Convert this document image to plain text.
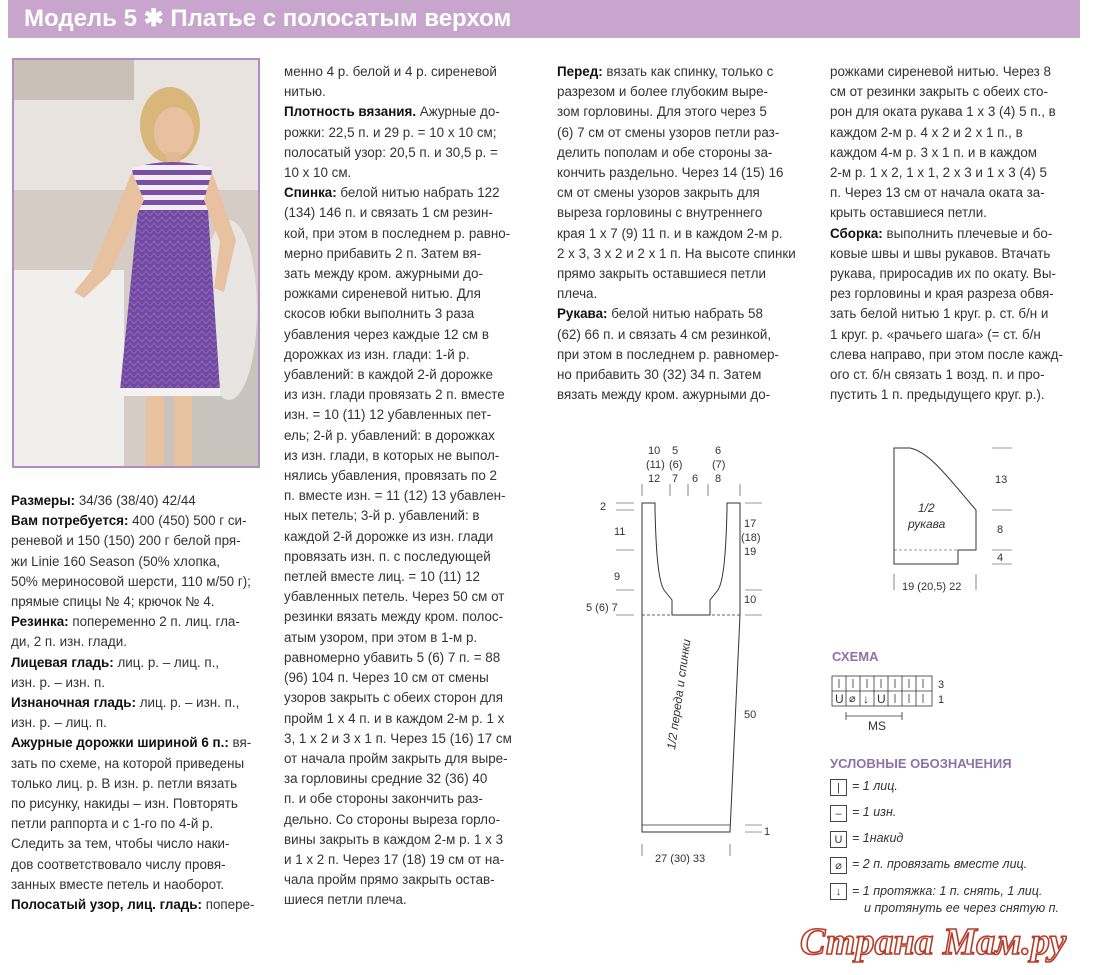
Модель 5 ✱ Платье с полосатым верхом

Размеры: 34/36 (38/40) 42/44

Вам потребуется: 400 (450) 500 г си-

реневой и 150 (150) 200 г белой пря-

жи Linie 160 Season (50% хлопка,

50% мериносовой шерсти, 110 м/50 г);

прямые спицы № 4; крючок № 4.

Резинка: попеременно 2 п. лиц. гла-

ди, 2 п. изн. глади.

Лицевая гладь: лиц. р. – лиц. п.,

изн. р. – изн. п.

Изнаночная гладь: лиц. р. – изн. п.,

изн. р. – лиц. п.

Ажурные дорожки шириной 6 п.: вя-

зать по схеме, на которой приведены

только лиц. р. В изн. р. петли вязать

по рисунку, накиды – изн. Повторять

петли раппорта и с 1-го по 4-й р.

Следить за тем, чтобы число наки-

дов соответствовало числу провя-

занных вместе петель и наоборот.

Полосатый узор, лиц. гладь: попере-

менно 4 р. белой и 4 р. сиреневой

нитью.

Плотность вязания. Ажурные до-

рожки: 22,5 п. и 29 р. = 10 х 10 см;

полосатый узор: 20,5 п. и 30,5 р. =

10 х 10 см.

Спинка: белой нитью набрать 122

(134) 146 п. и связать 1 см резин-

кой, при этом в последнем р. равно-

мерно прибавить 2 п. Затем вя-

зать между кром. ажурными до-

рожками сиреневой нитью. Для

скосов юбки выполнить 3 раза

убавления через каждые 12 см в

дорожках из изн. глади: 1-й р.

убавлений: в каждой 2-й дорожке

из изн. глади провязать 2 п. вместе

изн. = 10 (11) 12 убавленных пет-

ель; 2-й р. убавлений: в дорожках

из изн. глади, в которых не выпол-

нялись убавления, провязать по 2

п. вместе изн. = 11 (12) 13 убавлен-

ных петель; 3-й р. убавлений: в

каждой 2-й дорожке из изн. глади

провязать изн. п. с последующей

петлей вместе лиц. = 10 (11) 12

убавленных петель. Через 50 см от

резинки вязать между кром. полос-

атым узором, при этом в 1-м р.

равномерно убавить 5 (6) 7 п. = 88

(96) 104 п. Через 10 см от смены

узоров закрыть с обеих сторон для

пройм 1 х 4 п. и в каждом 2-м р. 1 х

3, 1 х 2 и 3 х 1 п. Через 15 (16) 17 см

от начала пройм закрыть для выре-

за горловины средние 32 (36) 40

п. и обе стороны закончить раз-

дельно. Со стороны выреза горло-

вины закрыть в каждом 2-м р. 1 х 3

и 1 х 2 п. Через 17 (18) 19 см от на-

чала пройм прямо закрыть остав-

шиеся петли плеча.

Перед: вязать как спинку, только с

разрезом и более глубоким выре-

зом горловины. Для этого через 5

(6) 7 см от смены узоров петли раз-

делить пополам и обе стороны за-

кончить раздельно. Через 14 (15) 16

см от смены узоров закрыть для

выреза горловины с внутреннего

края 1 х 7 (9) 11 п. и в каждом 2-м р.

2 х 3, 3 х 2 и 2 х 1 п. На высоте спинки

прямо закрыть оставшиеся петли

плеча.

Рукава: белой нитью набрать 58

(62) 66 п. и связать 4 см резинкой,

при этом в последнем р. равномер-

но прибавить 30 (32) 34 п. Затем

вязать между кром. ажурными до-

рожками сиреневой нитью. Через 8

см от резинки закрыть с обеих сто-

рон для оката рукава 1 х 3 (4) 5 п., в

каждом 2-м р. 4 х 2 и 2 х 1 п., в

каждом 4-м р. 3 х 1 п. и в каждом

2-м р. 1 х 2, 1 х 1, 2 х 3 и 1 х 3 (4) 5

п. Через 13 см от начала оката за-

крыть оставшиеся петли.

Сборка: выполнить плечевые и бо-

ковые швы и швы рукавов. Втачать

рукава, приросадив их по окату. Вы-

рез горловины и края разреза обвя-

зать белой нитью 1 круг. р. ст. б/н и

1 круг. р. «рачьего шага» (= ст. б/н

слева направо, при этом после кажд-

ого ст. б/н связать 1 возд. п. и про-

пустить 1 п. предыдущего круг. р.).

10
(11)
12
5
(6)
7 6
6
(7)
8
2
11
9
5 (6) 7
17
(18)
19
10
50
1
27 (30) 33
1/2 переда и спинки
1/2
рукава
13
8
4
19 (20,5) 22
СХЕМА
U ⌀ ↓ U
3
1
MS
УСЛОВНЫЕ ОБОЗНАЧЕНИЯ
| = 1 лиц.
– = 1 изн.
U = 1накид
⌀ = 2 п. провязать вместе лиц.
↓ = 1 протяжка: 1 п. снять, 1 лиц.
и протянуть ее через снятую п.
Страна Мам.ру
